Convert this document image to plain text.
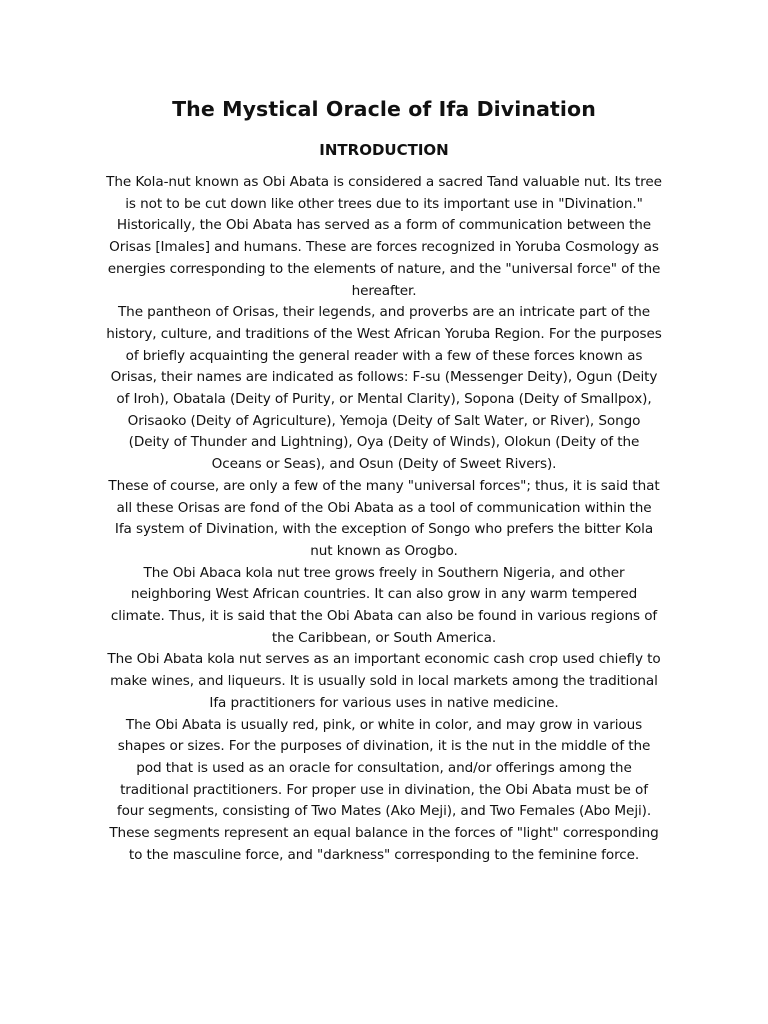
The Mystical Oracle of Ifa Divination
INTRODUCTION

The Kola-nut known as Obi Abata is considered a sacred Tand valuable nut. Its tree is not to be cut down like other trees due to its important use in "Divination." Historically, the Obi Abata has served as a form of communication between the Orisas [Imales] and humans. These are forces recognized in Yoruba Cosmology as energies corresponding to the elements of nature, and the "universal force" of the hereafter.

The pantheon of Orisas, their legends, and proverbs are an intricate part of the history, culture, and traditions of the West African Yoruba Region. For the purposes of briefly acquainting the general reader with a few of these forces known as Orisas, their names are indicated as follows: F-su (Messenger Deity), Ogun (Deity of Iroh), Obatala (Deity of Purity, or Mental Clarity), Sopona (Deity of Smallpox), Orisaoko (Deity of Agriculture), Yemoja (Deity of Salt Water, or River), Songo (Deity of Thunder and Lightning), Oya (Deity of Winds), Olokun (Deity of the Oceans or Seas), and Osun (Deity of Sweet Rivers).

These of course, are only a few of the many "universal forces"; thus, it is said that all these Orisas are fond of the Obi Abata as a tool of communication within the Ifa system of Divination, with the exception of Songo who prefers the bitter Kola nut known as Orogbo.

The Obi Abaca kola nut tree grows freely in Southern Nigeria, and other neighboring West African countries. It can also grow in any warm tempered climate. Thus, it is said that the Obi Abata can also be found in various regions of the Caribbean, or South America.

The Obi Abata kola nut serves as an important economic cash crop used chiefly to make wines, and liqueurs. It is usually sold in local markets among the traditional Ifa practitioners for various uses in native medicine.

The Obi Abata is usually red, pink, or white in color, and may grow in various shapes or sizes. For the purposes of divination, it is the nut in the middle of the pod that is used as an oracle for consultation, and/or offerings among the traditional practitioners. For proper use in divination, the Obi Abata must be of four segments, consisting of Two Mates (Ako Meji), and Two Females (Abo Meji). These segments represent an equal balance in the forces of "light" corresponding to the masculine force, and "darkness" corresponding to the feminine force.
